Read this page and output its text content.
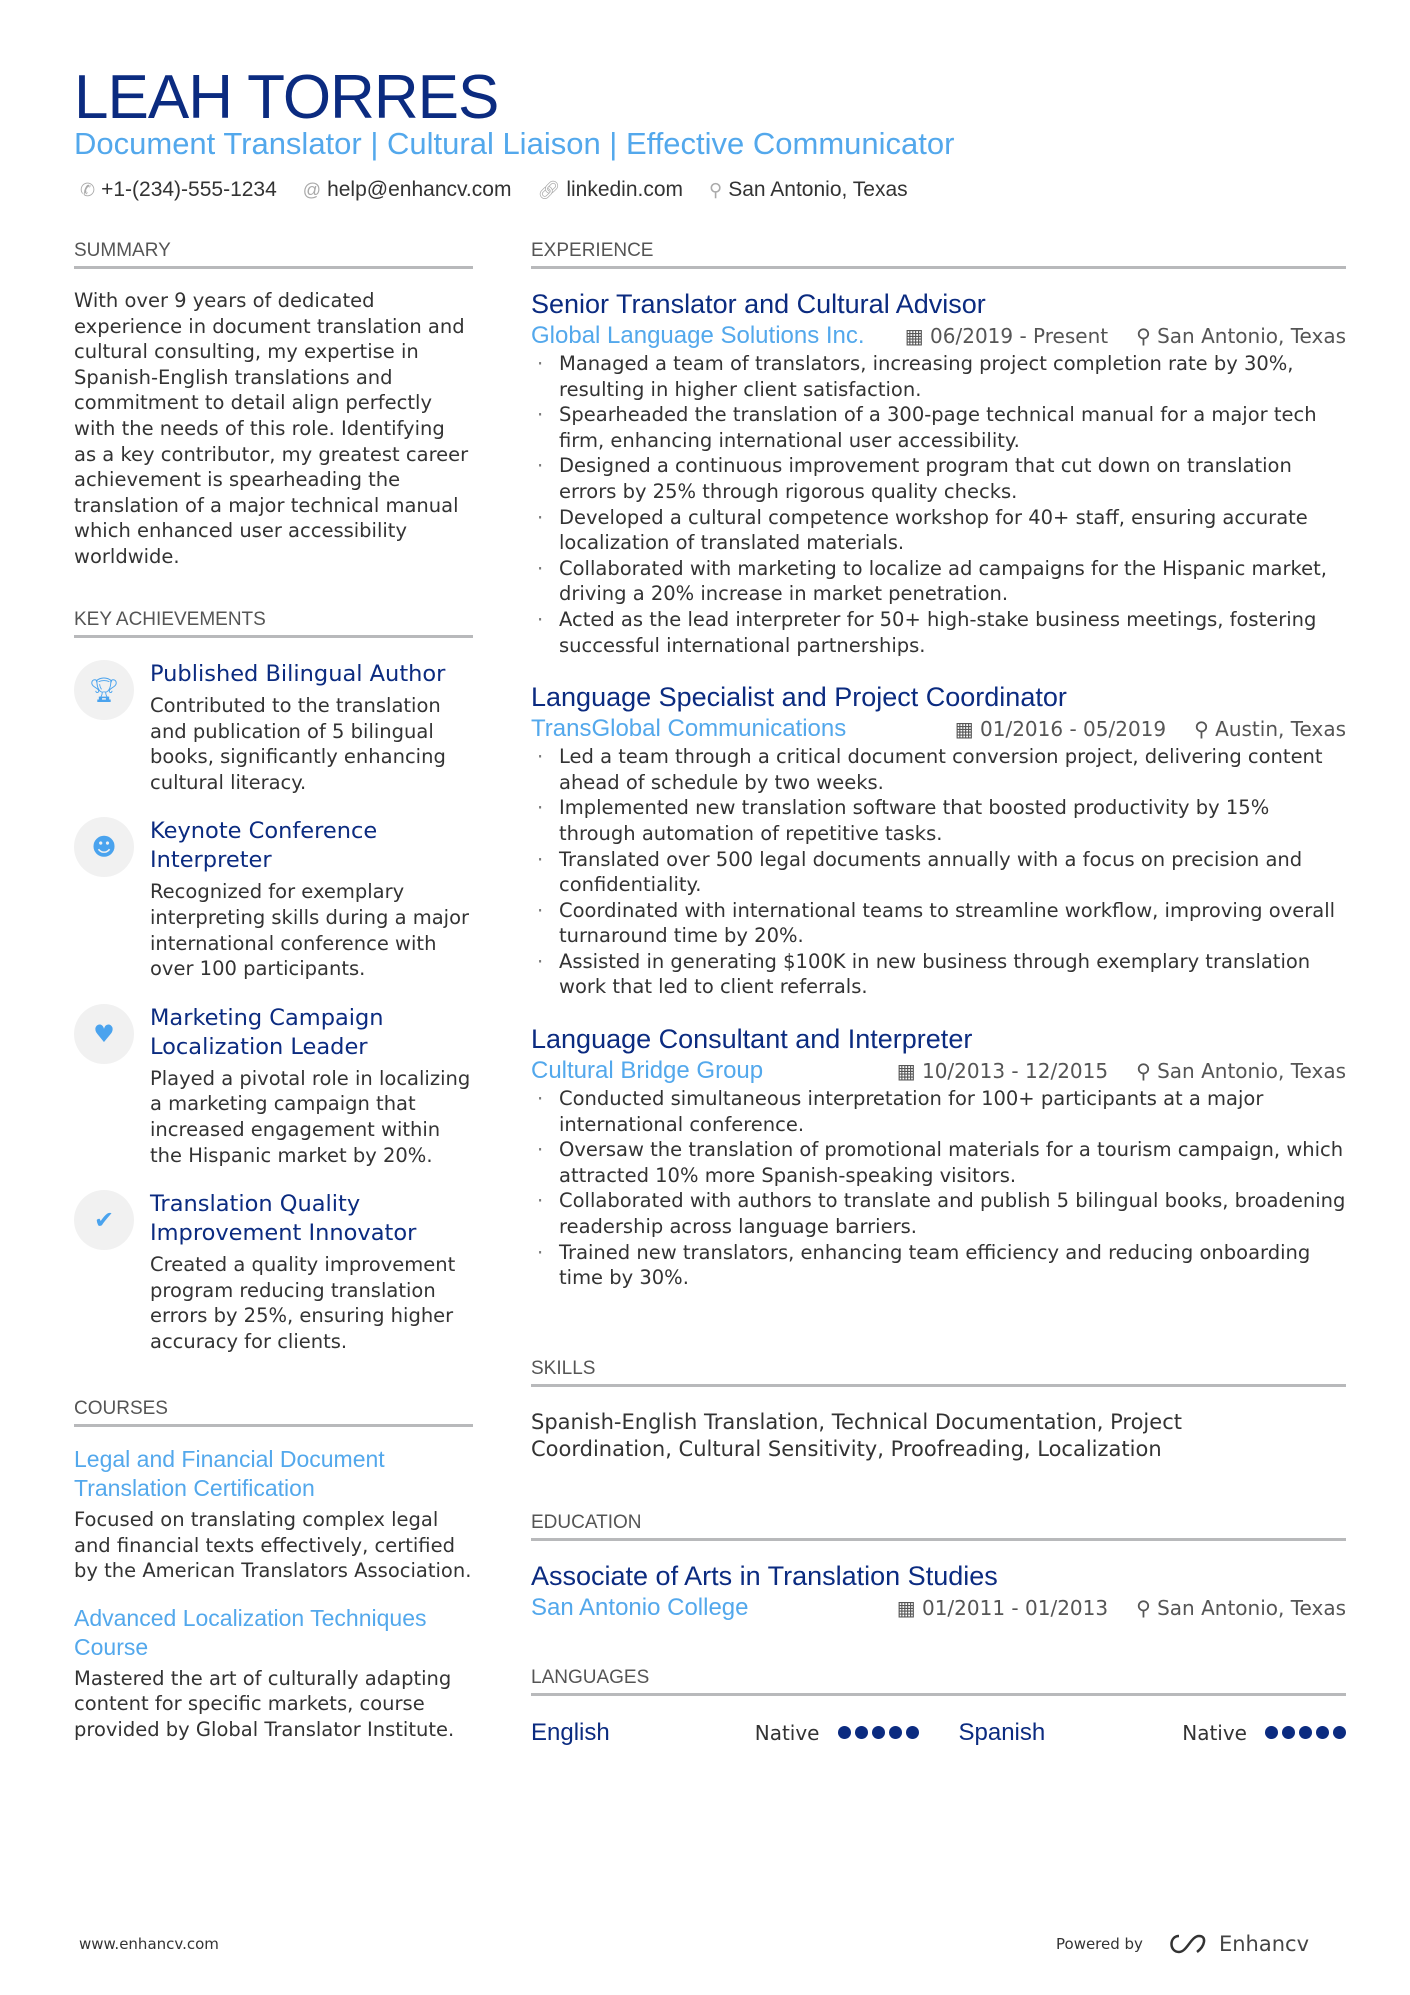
LEAH TORRES
Document Translator | Cultural Liaison | Effective Communicator
✆ +1-(234)-555-1234 @ help@enhancv.com 🔗︎ linkedin.com ⚲ San Antonio, Texas
SUMMARY
With over 9 years of dedicated experience in document translation and cultural consulting, my expertise in Spanish-English translations and commitment to detail align perfectly with the needs of this role. Identifying as a key contributor, my greatest career achievement is spearheading the translation of a major technical manual which enhanced user accessibility worldwide.
KEY ACHIEVEMENTS
🏆︎
Published Bilingual Author
Contributed to the translation and publication of 5 bilingual books, significantly enhancing cultural literacy.
☻
Keynote Conference Interpreter
Recognized for exemplary interpreting skills during a major international conference with over 100 participants.
♥
Marketing Campaign Localization Leader
Played a pivotal role in localizing a marketing campaign that increased engagement within the Hispanic market by 20%.
✔
Translation Quality Improvement Innovator
Created a quality improvement program reducing translation errors by 25%, ensuring higher accuracy for clients.
COURSES
Legal and Financial Document Translation Certification
Focused on translating complex legal and financial texts effectively, certified by the American Translators Association.
Advanced Localization Techniques Course
Mastered the art of culturally adapting content for specific markets, course provided by Global Translator Institute.
EXPERIENCE
Senior Translator and Cultural Advisor
Global Language Solutions Inc. ▦ 06/2019 - Present ⚲ San Antonio, Texas
· Managed a team of translators, increasing project completion rate by 30%, resulting in higher client satisfaction.
· Spearheaded the translation of a 300-page technical manual for a major tech firm, enhancing international user accessibility.
· Designed a continuous improvement program that cut down on translation errors by 25% through rigorous quality checks.
· Developed a cultural competence workshop for 40+ staff, ensuring accurate localization of translated materials.
· Collaborated with marketing to localize ad campaigns for the Hispanic market, driving a 20% increase in market penetration.
· Acted as the lead interpreter for 50+ high-stake business meetings, fostering successful international partnerships.
Language Specialist and Project Coordinator
TransGlobal Communications	▦ 01/2016 - 05/2019 ⚲ Austin, Texas
· Led a team through a critical document conversion project, delivering content ahead of schedule by two weeks.
· Implemented new translation software that boosted productivity by 15% through automation of repetitive tasks.
· Translated over 500 legal documents annually with a focus on precision and confidentiality.
· Coordinated with international teams to streamline workflow, improving overall turnaround time by 20%.
· Assisted in generating $100K in new business through exemplary translation work that led to client referrals.
Language Consultant and Interpreter
Cultural Bridge Group	▦ 10/2013 - 12/2015 ⚲ San Antonio, Texas
· Conducted simultaneous interpretation for 100+ participants at a major international conference.
· Oversaw the translation of promotional materials for a tourism campaign, which attracted 10% more Spanish-speaking visitors.
· Collaborated with authors to translate and publish 5 bilingual books, broadening readership across language barriers.
· Trained new translators, enhancing team efficiency and reducing onboarding time by 30%.
SKILLS
Spanish-English Translation, Technical Documentation, Project Coordination, Cultural Sensitivity, Proofreading, Localization
EDUCATION
Associate of Arts in Translation Studies
San Antonio College	▦ 01/2011 - 01/2013 ⚲ San Antonio, Texas
LANGUAGES
English	Native	Spanish	Native
www.enhancv.com	Powered by	Enhancv
